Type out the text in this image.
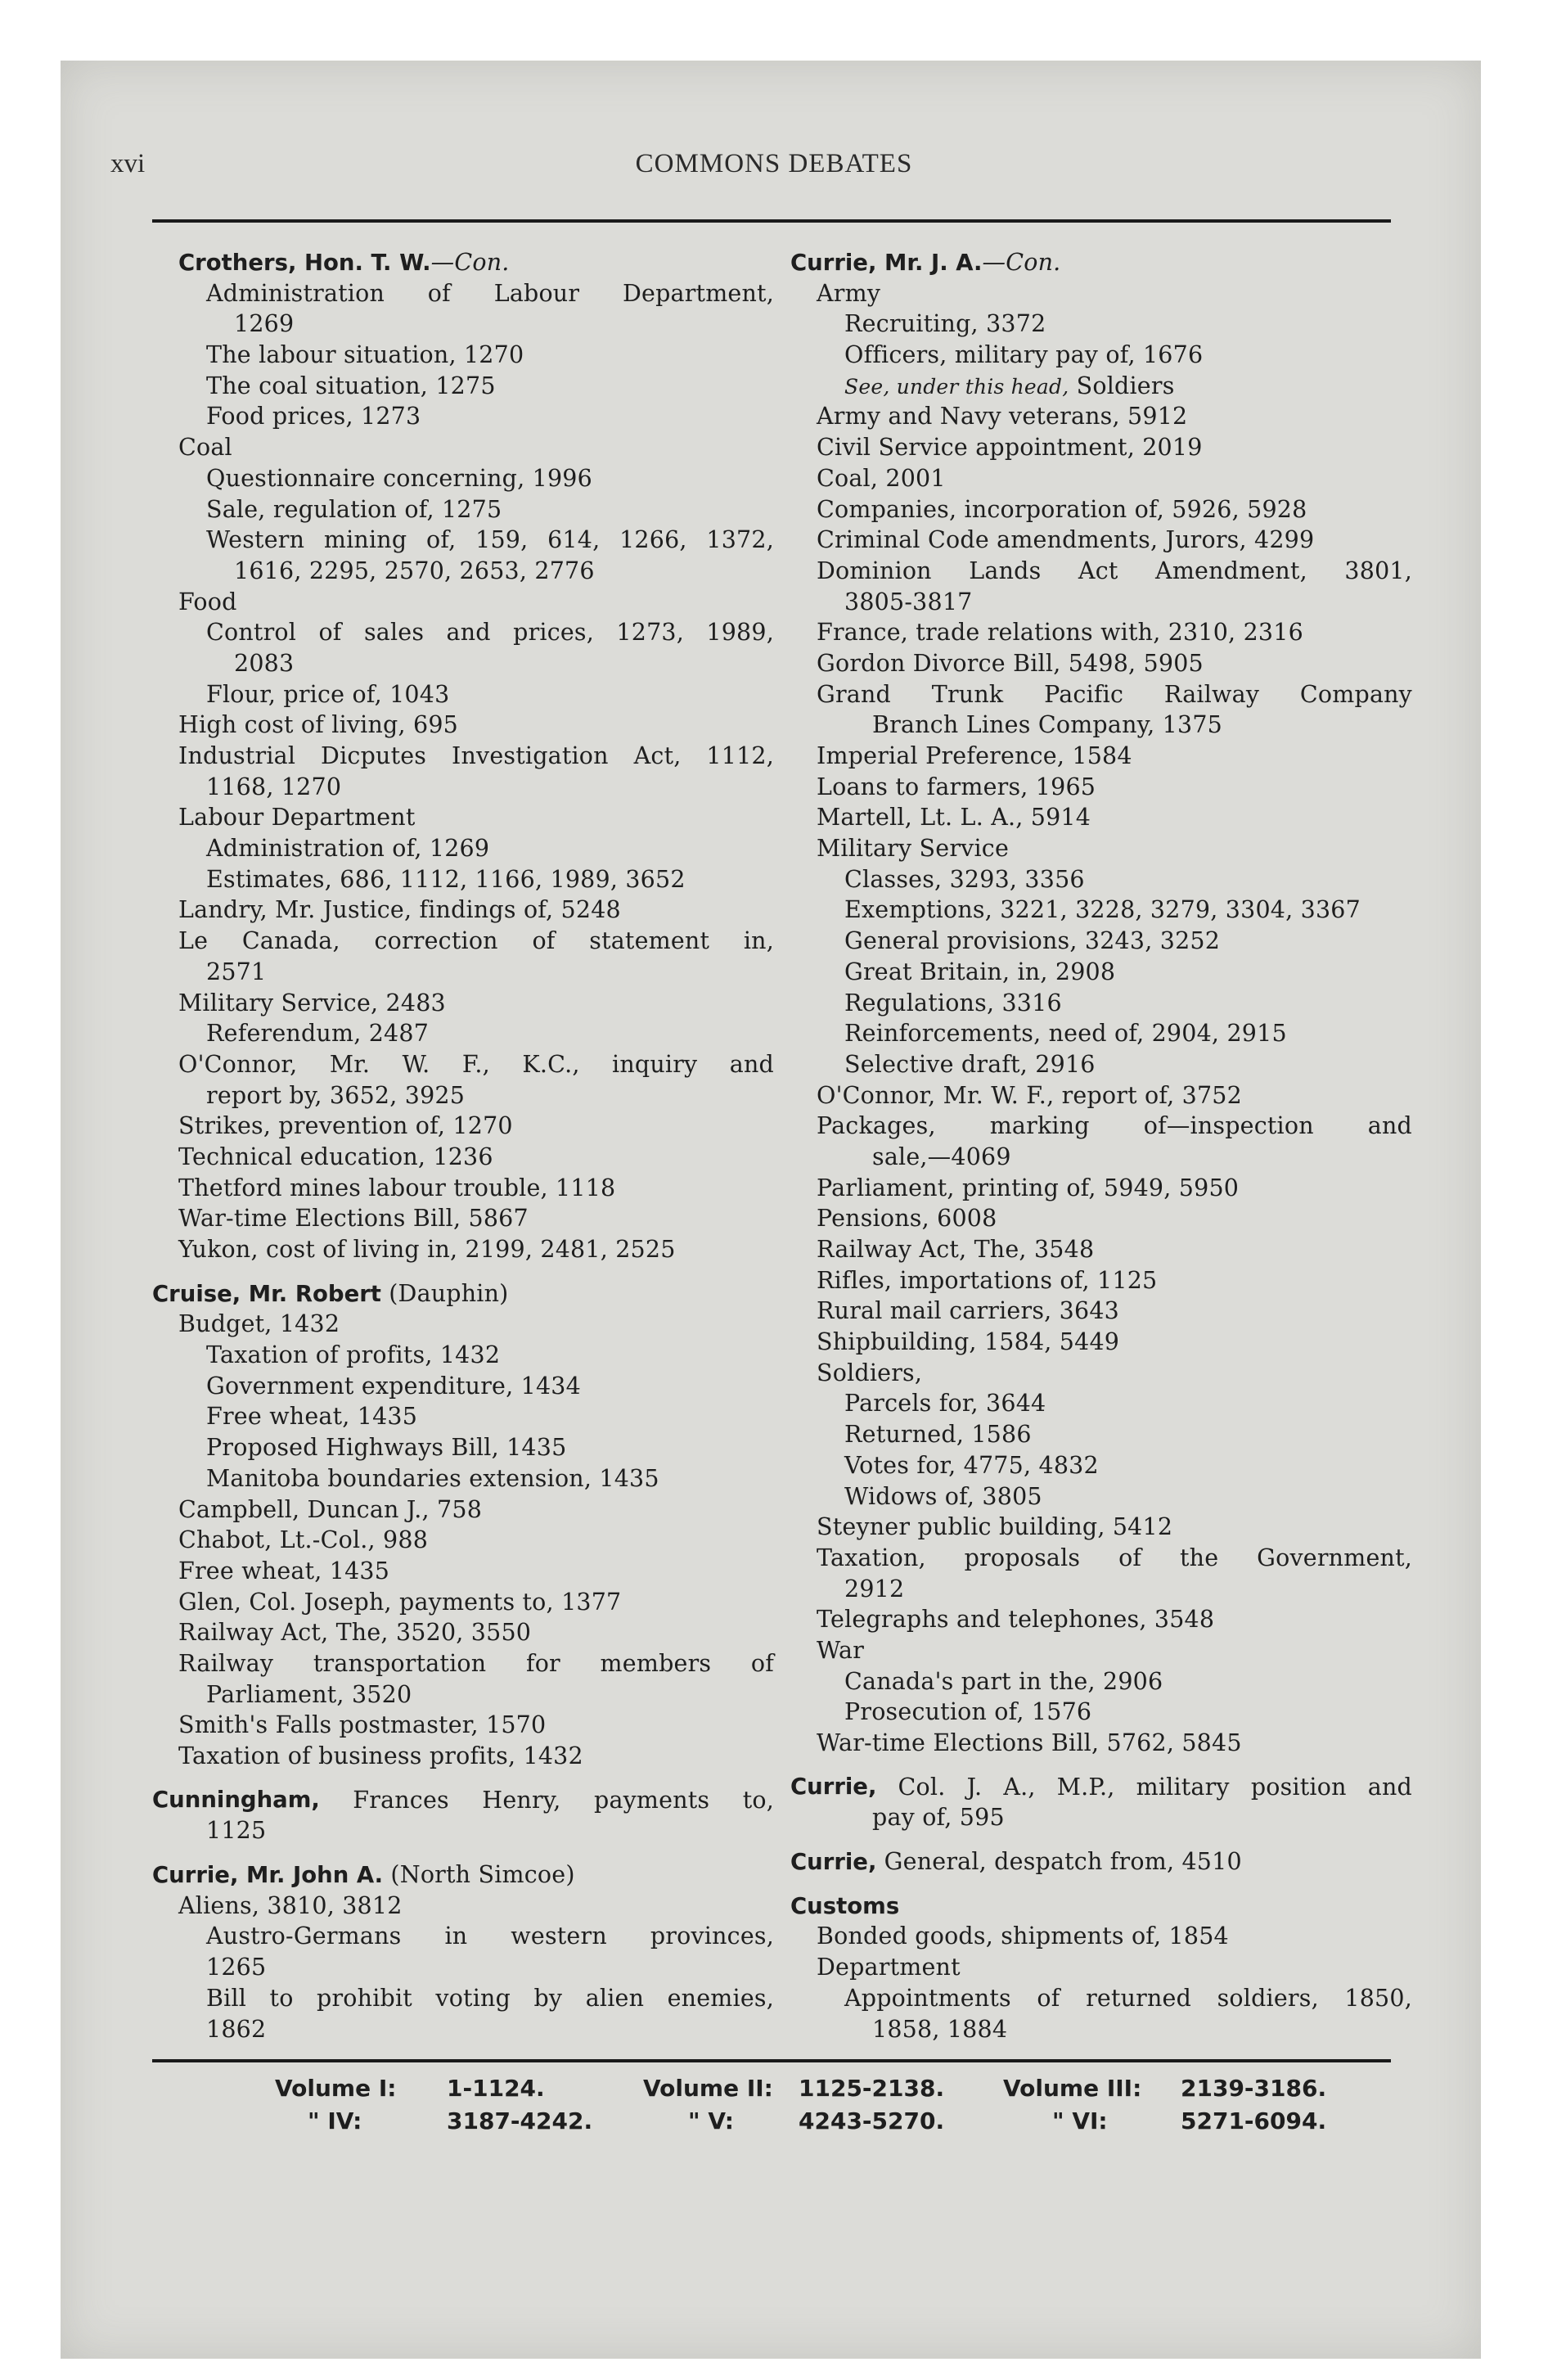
xvi	COMMONS DEBATES
Crothers, Hon. T. W.—Con.
Administration of Labour Department,
1269
The labour situation, 1270
The coal situation, 1275
Food prices, 1273
Coal
Questionnaire concerning, 1996
Sale, regulation of, 1275
Western mining of, 159, 614, 1266, 1372,
1616, 2295, 2570, 2653, 2776
Food
Control of sales and prices, 1273, 1989,
2083
Flour, price of, 1043
High cost of living, 695
Industrial Dicputes Investigation Act, 1112,
1168, 1270
Labour Department
Administration of, 1269
Estimates, 686, 1112, 1166, 1989, 3652
Landry, Mr. Justice, findings of, 5248
Le Canada, correction of statement in,
2571
Military Service, 2483
Referendum, 2487
O'Connor, Mr. W. F., K.C., inquiry and
report by, 3652, 3925
Strikes, prevention of, 1270
Technical education, 1236
Thetford mines labour trouble, 1118
War-time Elections Bill, 5867
Yukon, cost of living in, 2199, 2481, 2525
Cruise, Mr. Robert (Dauphin)
Budget, 1432
Taxation of profits, 1432
Government expenditure, 1434
Free wheat, 1435
Proposed Highways Bill, 1435
Manitoba boundaries extension, 1435
Campbell, Duncan J., 758
Chabot, Lt.-Col., 988
Free wheat, 1435
Glen, Col. Joseph, payments to, 1377
Railway Act, The, 3520, 3550
Railway transportation for members of
Parliament, 3520
Smith's Falls postmaster, 1570
Taxation of business profits, 1432
Cunningham, Frances Henry, payments to,
1125
Currie, Mr. John A. (North Simcoe)
Aliens, 3810, 3812
Austro-Germans in western provinces,
1265
Bill to prohibit voting by alien enemies,
1862
Currie, Mr. J. A.—Con.
Army
Recruiting, 3372
Officers, military pay of, 1676
See, under this head, Soldiers
Army and Navy veterans, 5912
Civil Service appointment, 2019
Coal, 2001
Companies, incorporation of, 5926, 5928
Criminal Code amendments, Jurors, 4299
Dominion Lands Act Amendment, 3801,
3805-3817
France, trade relations with, 2310, 2316
Gordon Divorce Bill, 5498, 5905
Grand Trunk Pacific Railway Company
Branch Lines Company, 1375
Imperial Preference, 1584
Loans to farmers, 1965
Martell, Lt. L. A., 5914
Military Service
Classes, 3293, 3356
Exemptions, 3221, 3228, 3279, 3304, 3367
General provisions, 3243, 3252
Great Britain, in, 2908
Regulations, 3316
Reinforcements, need of, 2904, 2915
Selective draft, 2916
O'Connor, Mr. W. F., report of, 3752
Packages, marking of—inspection and
sale,—4069
Parliament, printing of, 5949, 5950
Pensions, 6008
Railway Act, The, 3548
Rifles, importations of, 1125
Rural mail carriers, 3643
Shipbuilding, 1584, 5449
Soldiers,
Parcels for, 3644
Returned, 1586
Votes for, 4775, 4832
Widows of, 3805
Steyner public building, 5412
Taxation, proposals of the Government,
2912
Telegraphs and telephones, 3548
War
Canada's part in the, 2906
Prosecution of, 1576
War-time Elections Bill, 5762, 5845
Currie, Col. J. A., M.P., military position and
pay of, 595
Currie, General, despatch from, 4510
Customs
Bonded goods, shipments of, 1854
Department
Appointments of returned soldiers, 1850,
1858, 1884
Volume I: 1-1124.	Volume II: 1125-2138.	Volume III: 2139-3186.
" IV:	3187-4242.	" V:	4243-5270.	" VI:	5271-6094.
